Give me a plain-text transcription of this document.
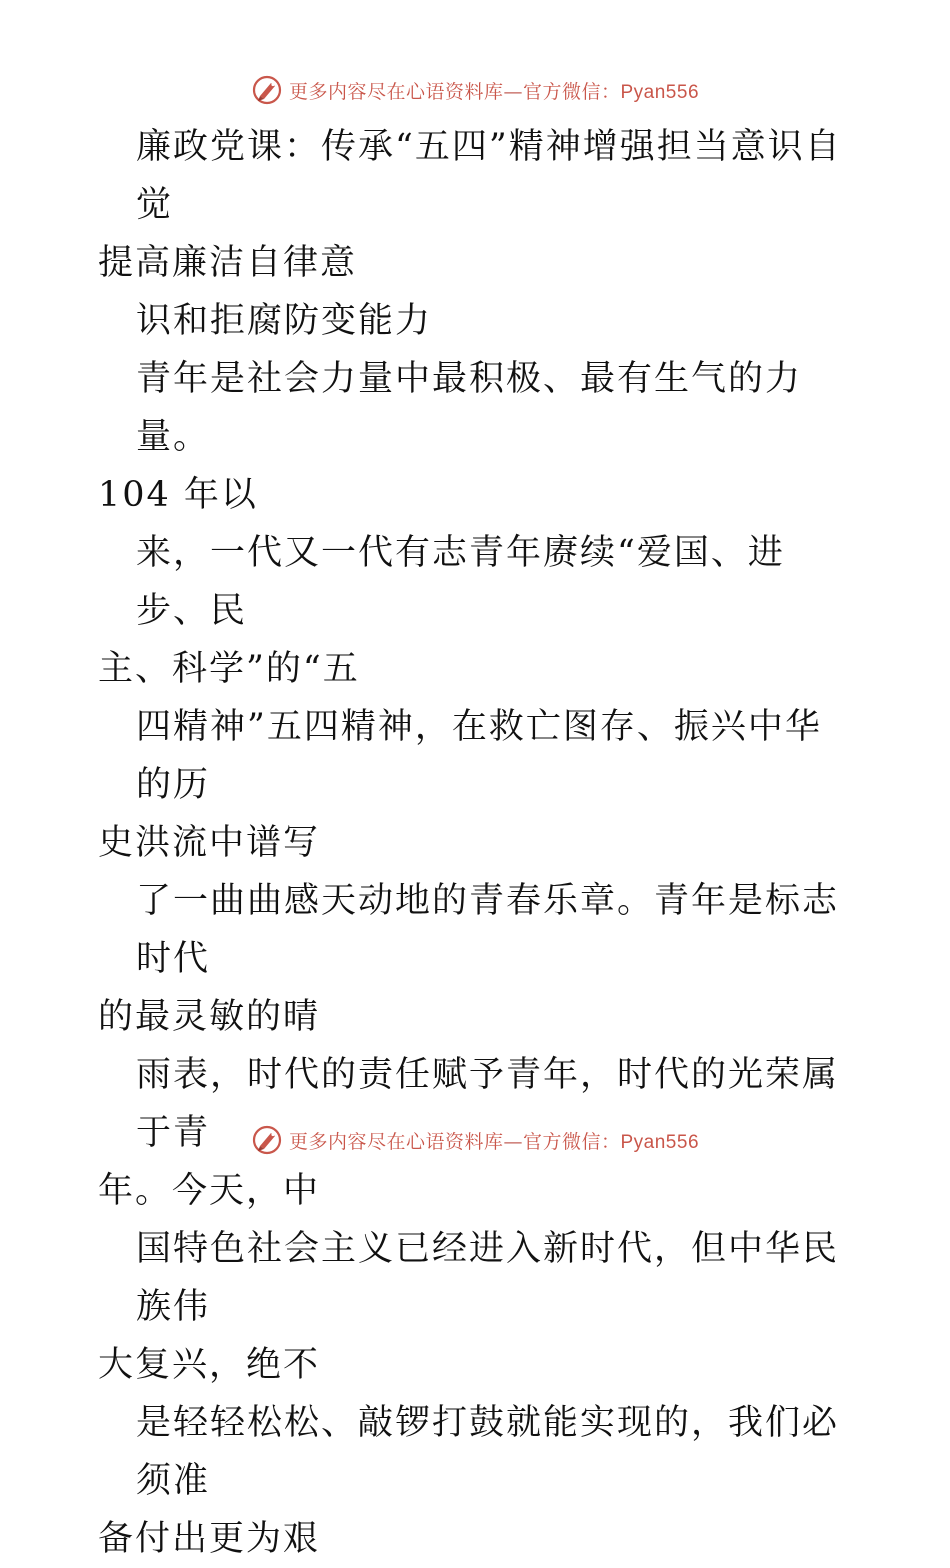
更多内容尽在心语资料库—官方微信：Pyan556

廉政党课：传承“五四”精神增强担当意识自觉
提高廉洁自律意
识和拒腐防变能力
青年是社会力量中最积极、最有生气的力量。
104 年以
来，一代又一代有志青年赓续“爱国、进步、民
主、科学”的“五
四精神”五四精神，在救亡图存、振兴中华的历
史洪流中谱写
了一曲曲感天动地的青春乐章。青年是标志时代
的最灵敏的晴
雨表，时代的责任赋予青年，时代的光荣属于青
年。今天，中
国特色社会主义已经进入新时代，但中华民族伟
大复兴，绝不
是轻轻松松、敲锣打鼓就能实现的，我们必须准
备付出更为艰

更多内容尽在心语资料库—官方微信：Pyan556
